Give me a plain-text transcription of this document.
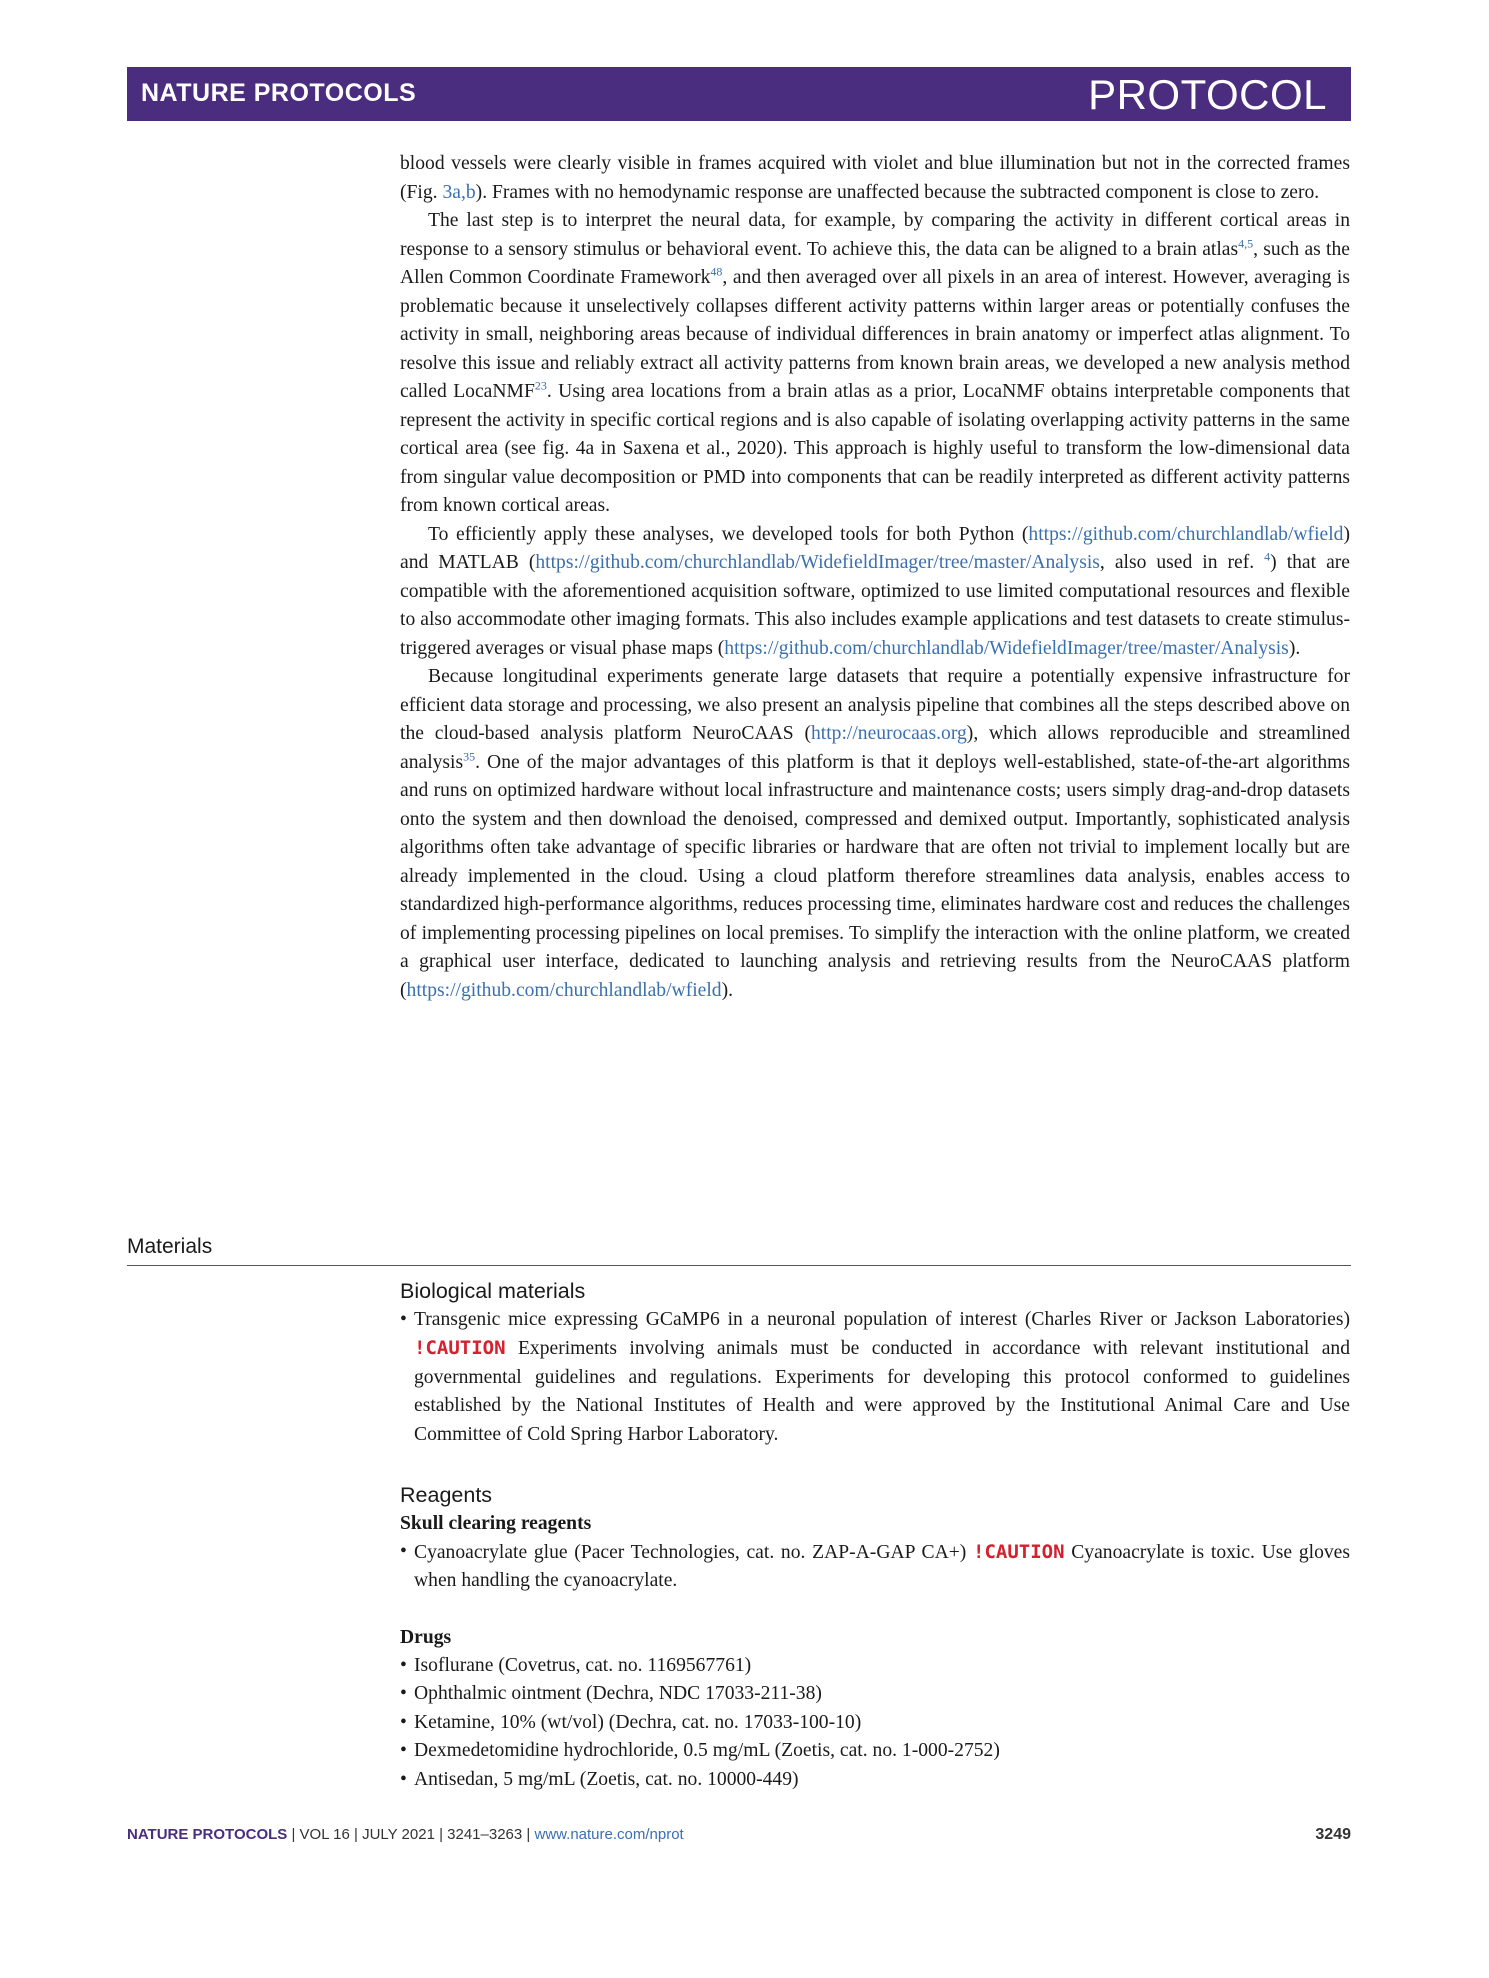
NATURE PROTOCOLS	PROTOCOL

blood vessels were clearly visible in frames acquired with violet and blue illumination but not in the corrected frames (Fig. 3a,b). Frames with no hemodynamic response are unaffected because the subtracted component is close to zero.

The last step is to interpret the neural data, for example, by comparing the activity in different cortical areas in response to a sensory stimulus or behavioral event. To achieve this, the data can be aligned to a brain atlas$^{4,5}$, such as the Allen Common Coordinate Framework$^{48}$, and then averaged over all pixels in an area of interest. However, averaging is problematic because it unselectively collapses different activity patterns within larger areas or potentially confuses the activity in small, neighboring areas because of individual differences in brain anatomy or imperfect atlas alignment. To resolve this issue and reliably extract all activity patterns from known brain areas, we developed a new analysis method called LocaNMF$^{23}$. Using area locations from a brain atlas as a prior, LocaNMF obtains interpretable components that represent the activity in specific cortical regions and is also capable of isolating overlapping activity patterns in the same cortical area (see fig. 4a in Saxena et al., 2020). This approach is highly useful to transform the low-dimensional data from singular value decomposition or PMD into components that can be readily interpreted as different activity patterns from known cortical areas.

To efficiently apply these analyses, we developed tools for both Python (https://github.com/churchlandlab/wfield) and MATLAB (https://github.com/churchlandlab/WidefieldImager/tree/master/Analysis, also used in ref. $^4$) that are compatible with the aforementioned acquisition software, optimized to use limited computational resources and flexible to also accommodate other imaging formats. This also includes example applications and test datasets to create stimulus-triggered averages or visual phase maps (https://github.com/churchlandlab/WidefieldImager/tree/master/Analysis).

Because longitudinal experiments generate large datasets that require a potentially expensive infrastructure for efficient data storage and processing, we also present an analysis pipeline that combines all the steps described above on the cloud-based analysis platform NeuroCAAS (http://neurocaas.org), which allows reproducible and streamlined analysis$^{35}$. One of the major advantages of this platform is that it deploys well-established, state-of-the-art algorithms and runs on optimized hardware without local infrastructure and maintenance costs; users simply drag-and-drop datasets onto the system and then download the denoised, compressed and demixed output. Importantly, sophisticated analysis algorithms often take advantage of specific libraries or hardware that are often not trivial to implement locally but are already implemented in the cloud. Using a cloud platform therefore streamlines data analysis, enables access to standardized high-performance algorithms, reduces processing time, eliminates hardware cost and reduces the challenges of implementing processing pipelines on local premises. To simplify the interaction with the online platform, we created a graphical user interface, dedicated to launching analysis and retrieving results from the NeuroCAAS platform (https://github.com/churchlandlab/wfield).

Materials
Biological materials
• Transgenic mice expressing GCaMP6 in a neuronal population of interest (Charles River or Jackson Laboratories) !CAUTION Experiments involving animals must be conducted in accordance with relevant institutional and governmental guidelines and regulations. Experiments for developing this protocol conformed to guidelines established by the National Institutes of Health and were approved by the Institutional Animal Care and Use Committee of Cold Spring Harbor Laboratory.
Reagents
Skull clearing reagents
• Cyanoacrylate glue (Pacer Technologies, cat. no. ZAP-A-GAP CA+) !CAUTION Cyanoacrylate is toxic. Use gloves when handling the cyanoacrylate.
Drugs
• Isoflurane (Covetrus, cat. no. 1169567761)
• Ophthalmic ointment (Dechra, NDC 17033-211-38)
• Ketamine, 10% (wt/vol) (Dechra, cat. no. 17033-100-10)
• Dexmedetomidine hydrochloride, 0.5 mg/mL (Zoetis, cat. no. 1-000-2752)
• Antisedan, 5 mg/mL (Zoetis, cat. no. 10000-449)
NATURE PROTOCOLS | VOL 16 | JULY 2021 | 3241–3263 | www.nature.com/nprot	3249
